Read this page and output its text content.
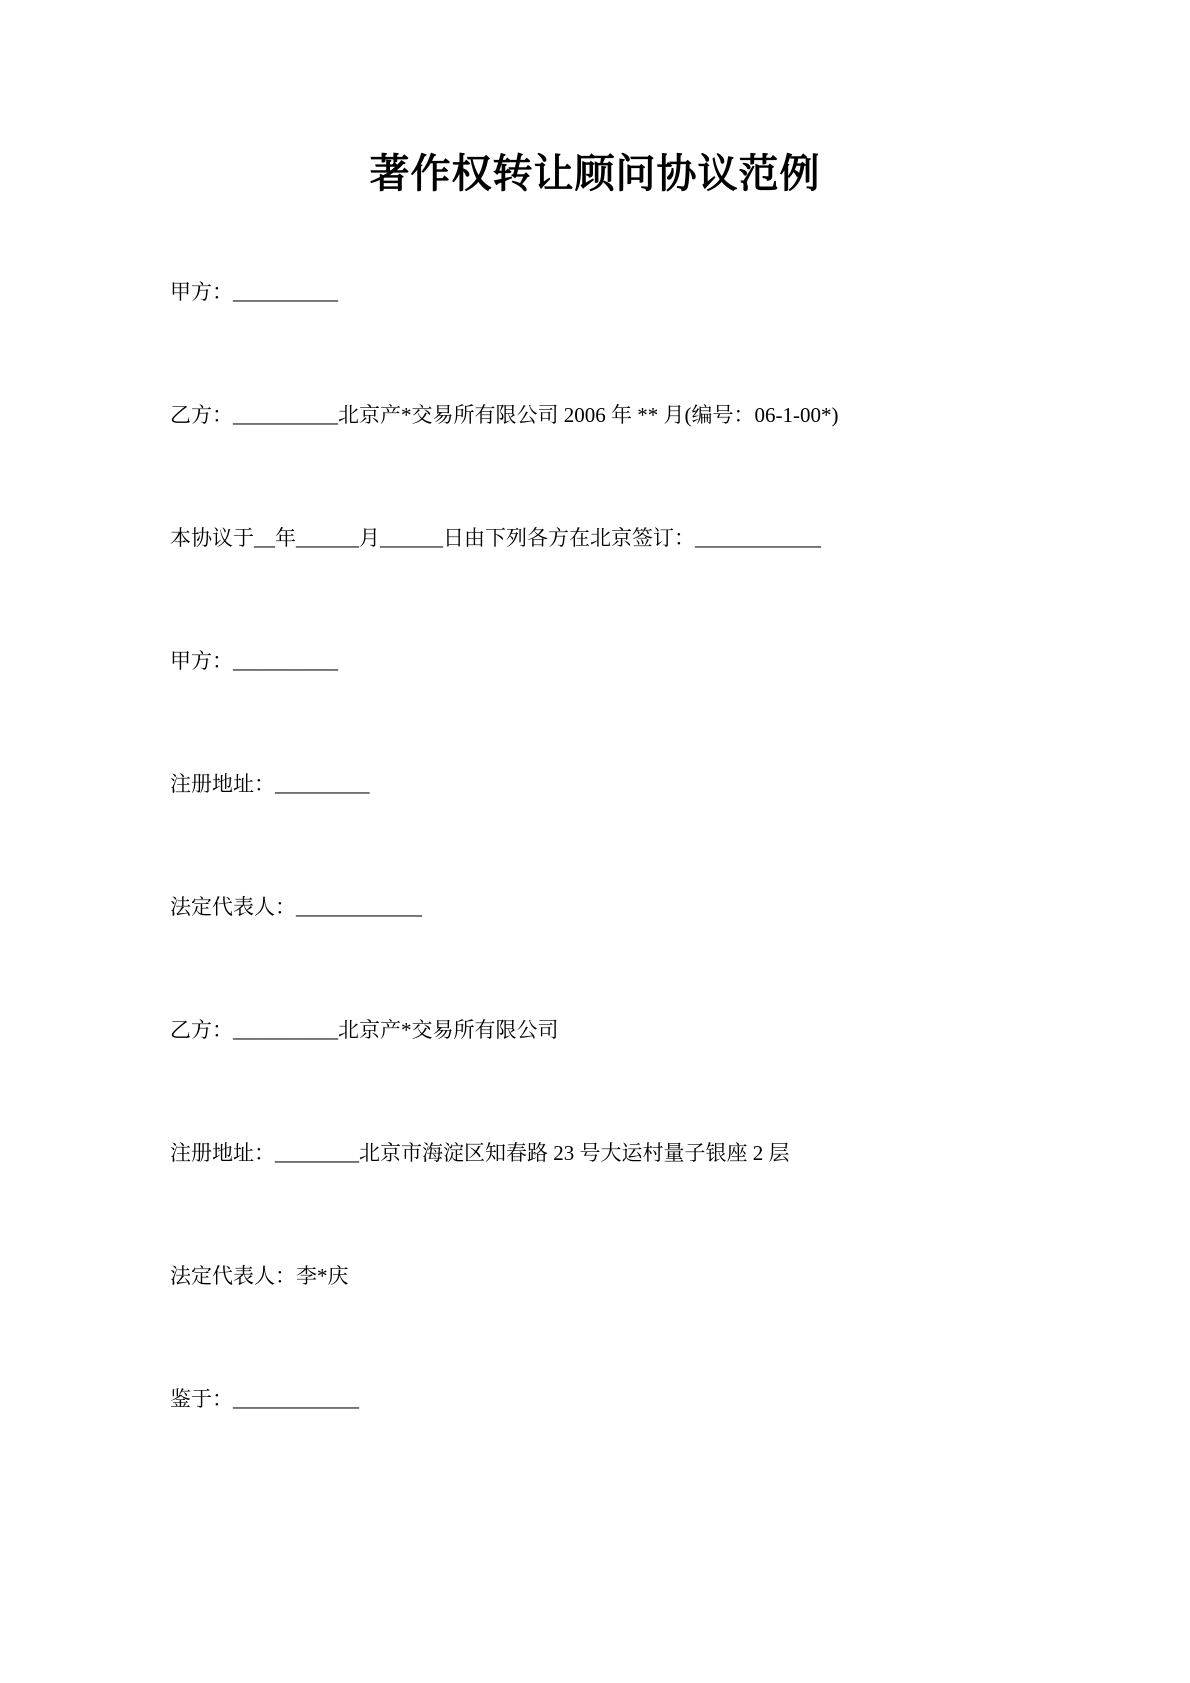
著作权转让顾问协议范例

甲方：__________

乙方：__________北京产*交易所有限公司 2006 年 ** 月(编号：06-1-00*)

本协议于__年______月______日由下列各方在北京签订：____________

甲方：__________

注册地址：_________

法定代表人：____________

乙方：__________北京产*交易所有限公司

注册地址：________北京市海淀区知春路 23 号大运村量子银座 2 层

法定代表人：李*庆

鉴于：____________
